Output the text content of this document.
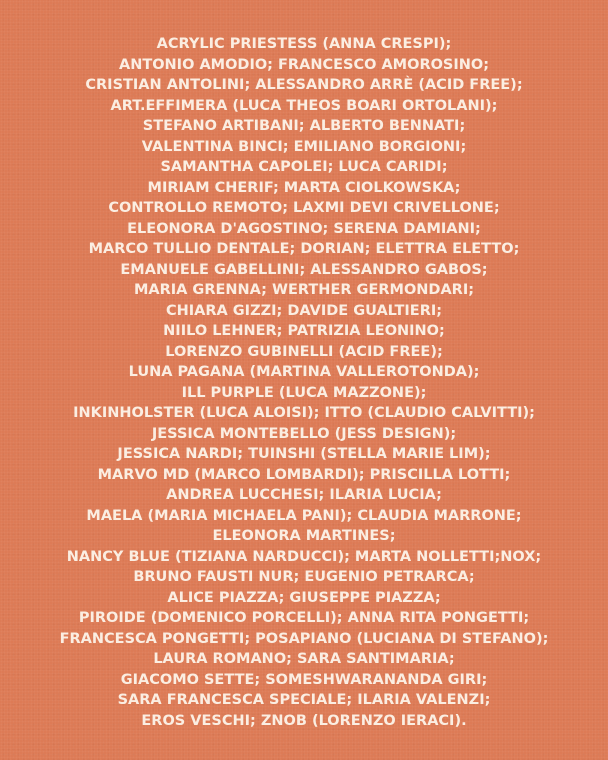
ACRYLIC PRIESTESS (ANNA CRESPI);
ANTONIO AMODIO; FRANCESCO AMOROSINO;
CRISTIAN ANTOLINI; ALESSANDRO ARRÈ (ACID FREE);
ART.EFFIMERA (LUCA THEOS BOARI ORTOLANI);
STEFANO ARTIBANI; ALBERTO BENNATI;
VALENTINA BINCI; EMILIANO BORGIONI;
SAMANTHA CAPOLEI; LUCA CARIDI;
MIRIAM CHERIF; MARTA CIOLKOWSKA;
CONTROLLO REMOTO; LAXMI DEVI CRIVELLONE;
ELEONORA D'AGOSTINO; SERENA DAMIANI;
MARCO TULLIO DENTALE; DORIAN; ELETTRA ELETTO;
EMANUELE GABELLINI; ALESSANDRO GABOS;
MARIA GRENNA; WERTHER GERMONDARI;
CHIARA GIZZI; DAVIDE GUALTIERI;
NIILO LEHNER; PATRIZIA LEONINO;
LORENZO GUBINELLI (ACID FREE);
LUNA PAGANA (MARTINA VALLEROTONDA);
ILL PURPLE (LUCA MAZZONE);
INKINHOLSTER (LUCA ALOISI); ITTO (CLAUDIO CALVITTI);
JESSICA MONTEBELLO (JESS DESIGN);
JESSICA NARDI; TUINSHI (STELLA MARIE LIM);
MARVO MD (MARCO LOMBARDI); PRISCILLA LOTTI;
ANDREA LUCCHESI; ILARIA LUCIA;
MAELA (MARIA MICHAELA PANI); CLAUDIA MARRONE;
ELEONORA MARTINES;
NANCY BLUE (TIZIANA NARDUCCI); MARTA NOLLETTI;NOX;
BRUNO FAUSTI NUR; EUGENIO PETRARCA;
ALICE PIAZZA; GIUSEPPE PIAZZA;
PIROIDE (DOMENICO PORCELLI); ANNA RITA PONGETTI;
FRANCESCA PONGETTI; POSAPIANO (LUCIANA DI STEFANO);
LAURA ROMANO; SARA SANTIMARIA;
GIACOMO SETTE; SOMESHWARANANDA GIRI;
SARA FRANCESCA SPECIALE; ILARIA VALENZI;
EROS VESCHI; ZNOB (LORENZO IERACI).
